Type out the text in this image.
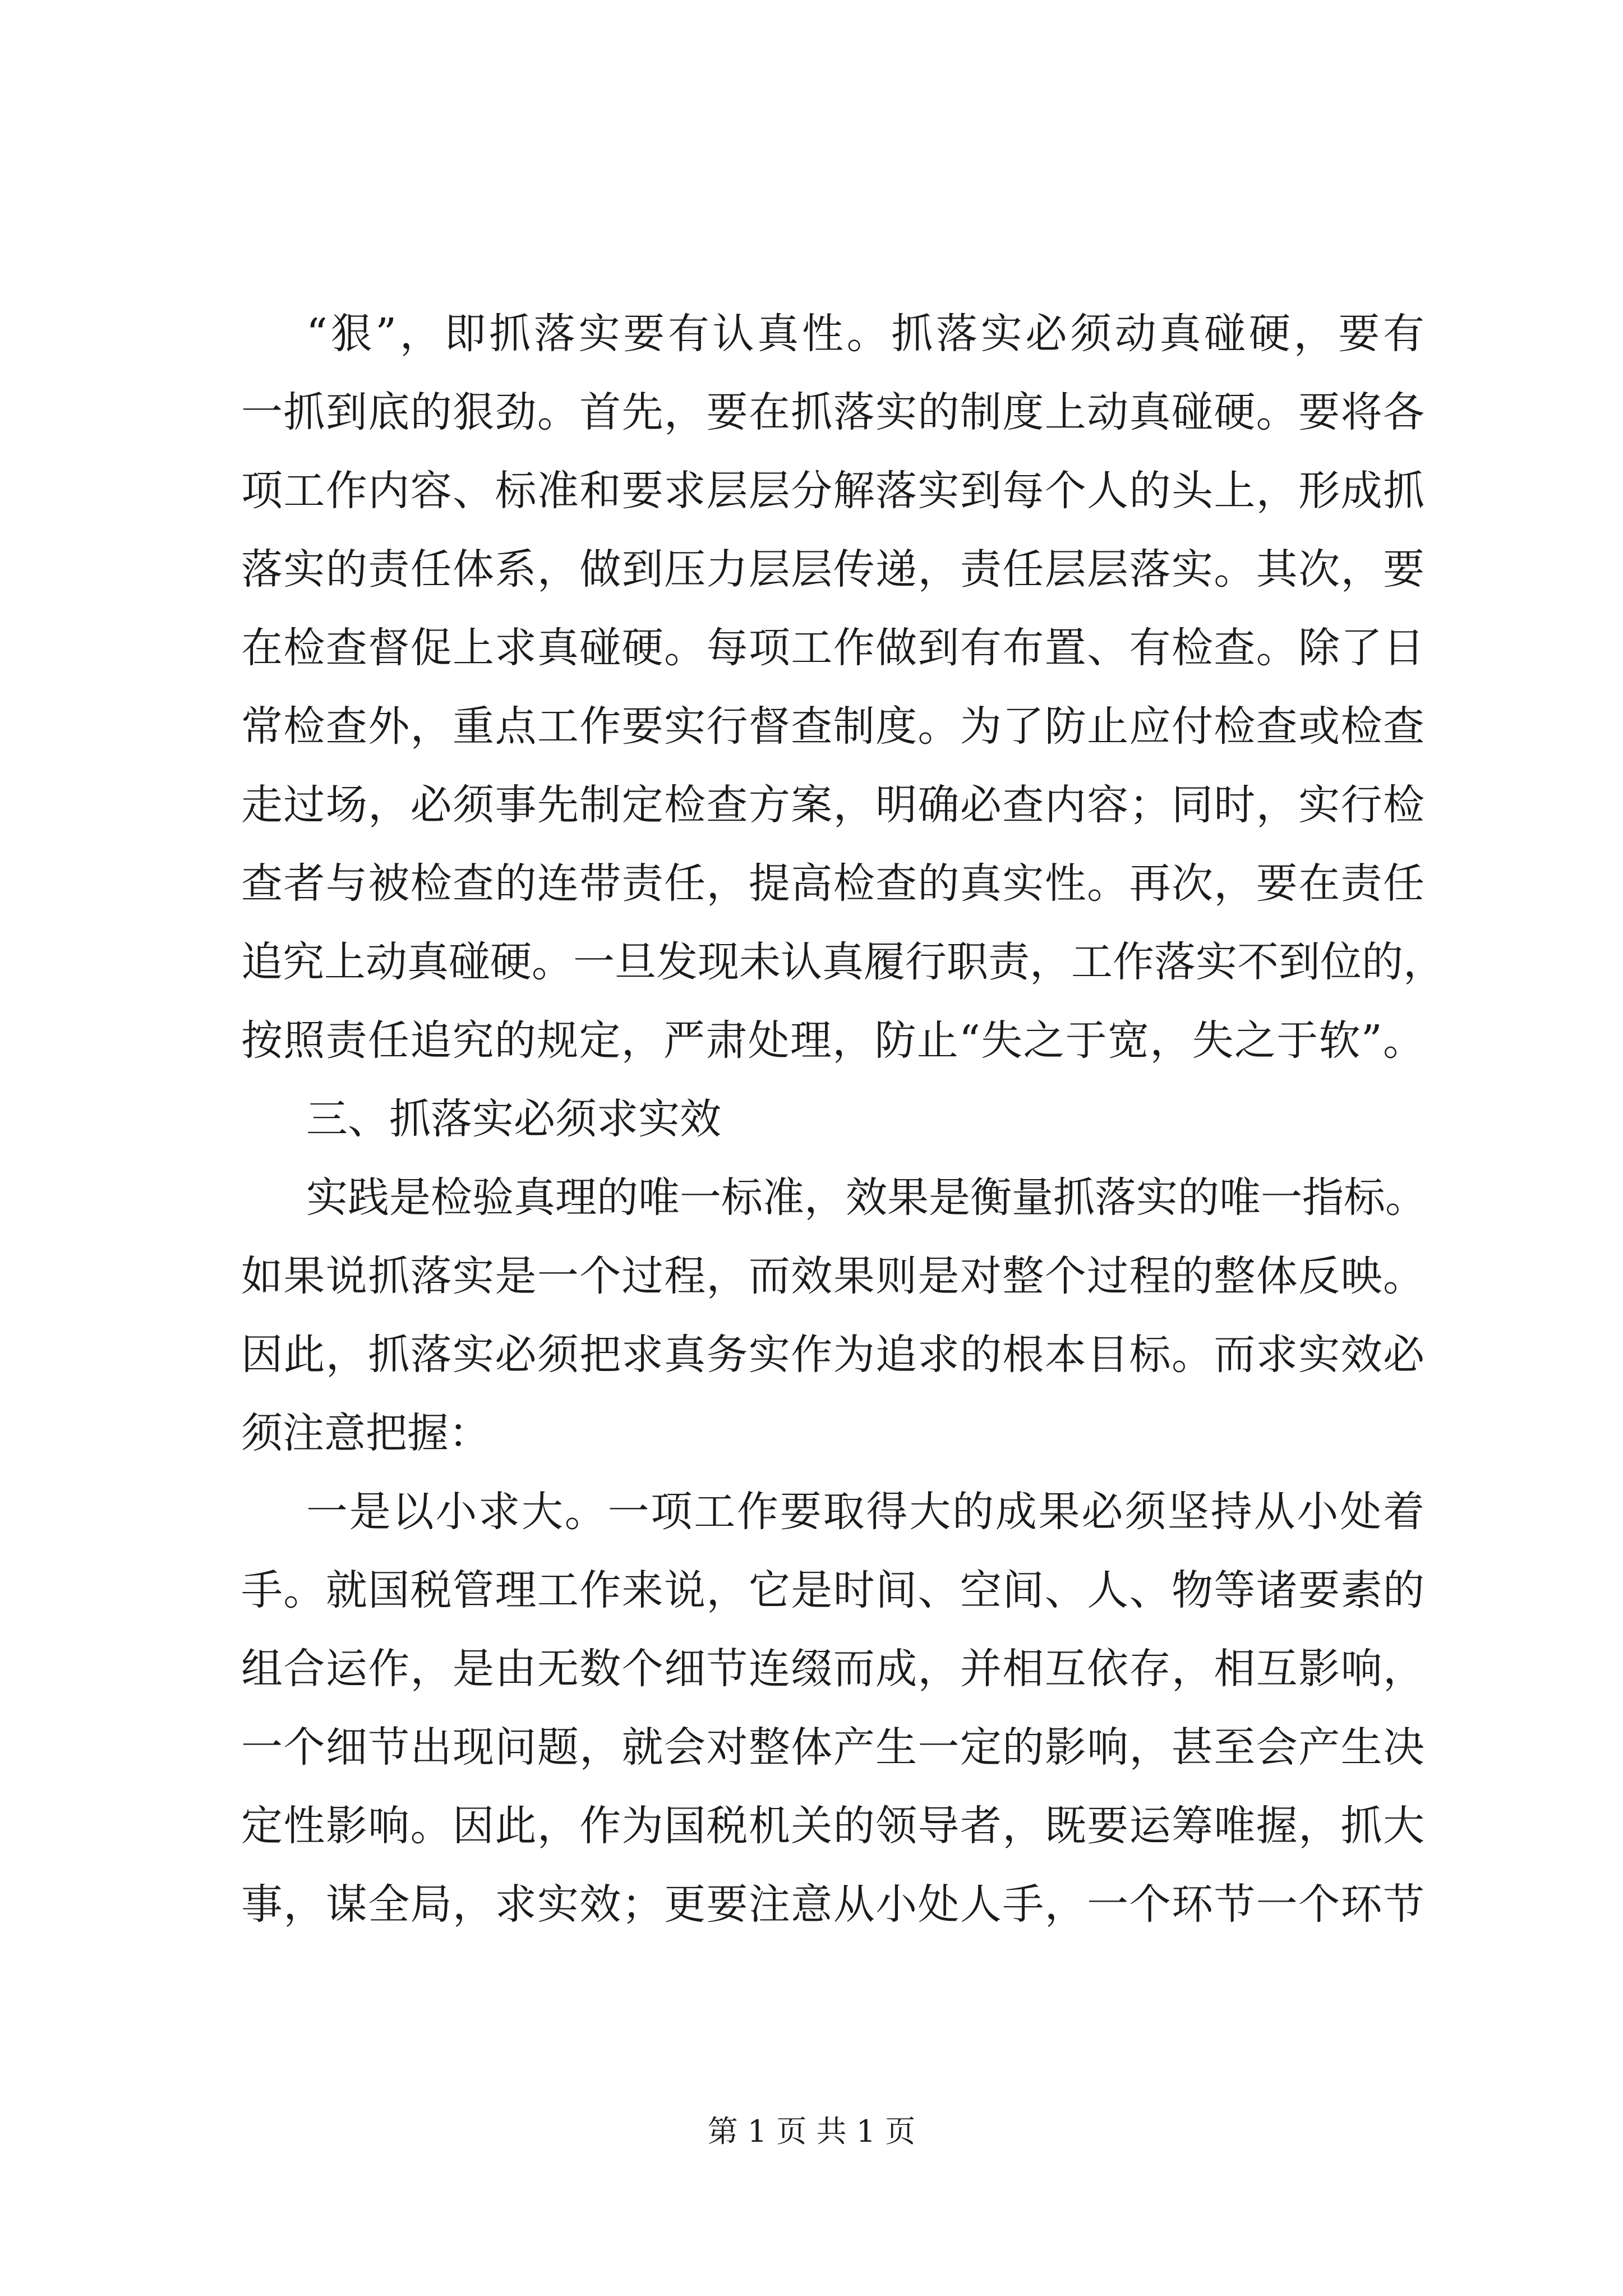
“狠”，即抓落实要有认真性。抓落实必须动真碰硬，要有

一抓到底的狠劲。首先，要在抓落实的制度上动真碰硬。要将各

项工作内容、标准和要求层层分解落实到每个人的头上，形成抓

落实的责任体系，做到压力层层传递，责任层层落实。其次，要

在检查督促上求真碰硬。每项工作做到有布置、有检查。除了日

常检查外，重点工作要实行督查制度。为了防止应付检查或检查

走过场，必须事先制定检查方案，明确必查内容；同时，实行检

查者与被检查的连带责任，提高检查的真实性。再次，要在责任

追究上动真碰硬。一旦发现未认真履行职责，工作落实不到位的，

按照责任追究的规定，严肃处理，防止“失之于宽，失之于软”。

三、抓落实必须求实效

实践是检验真理的唯一标准，效果是衡量抓落实的唯一指标。

如果说抓落实是一个过程，而效果则是对整个过程的整体反映。

因此，抓落实必须把求真务实作为追求的根本目标。而求实效必

须注意把握：

一是以小求大。一项工作要取得大的成果必须坚持从小处着

手。就国税管理工作来说，它是时间、空间、人、物等诸要素的

组合运作，是由无数个细节连缀而成，并相互依存，相互影响，

一个细节出现问题，就会对整体产生一定的影响，甚至会产生决

定性影响。因此，作为国税机关的领导者，既要运筹唯握，抓大

事，谋全局，求实效；更要注意从小处人手，一个环节一个环节

第 1 页 共 1 页
